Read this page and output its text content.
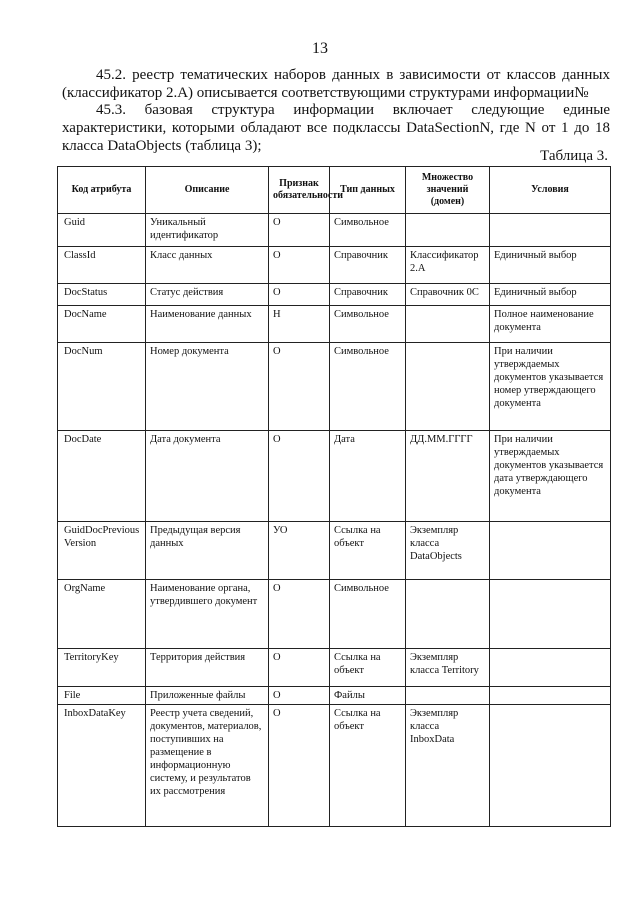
13
45.2. реестр тематических наборов данных в зависимости от классов данных (классификатор 2.А) описывается соответствующими структурами информации№
45.3. базовая структура информации включает следующие единые характеристики, которыми обладают все подклассы DataSectionN, где N от 1 до 18 класса DataObjects (таблица 3);
Таблица 3.
Код атрибута	Описание	Признак обязательности	Тип данных	Множество значений (домен)	Условия
Guid	Уникальный идентификатор	О	Символьное		
ClassId	Класс данных	О	Справочник	Классификатор 2.А	Единичный выбор
DocStatus	Статус действия	О	Справочник	Справочник 0С	Единичный выбор
DocName	Наименование данных	Н	Символьное		Полное наименование документа
DocNum	Номер документа	О	Символьное		При наличии утверждаемых документов указывается номер утверждающего документа
DocDate	Дата документа	О	Дата	ДД.ММ.ГГГГ	При наличии утверждаемых документов указывается дата утверждающего документа
GuidDocPrevious Version	Предыдущая версия данных	УО	Ссылка на объект	Экземпляр класса DataObjects	
OrgName	Наименование органа, утвердившего документ	О	Символьное		
TerritoryKey	Территория действия	О	Ссылка на объект	Экземпляр класса Territory	
File	Приложенные файлы	О	Файлы		
InboxDataKey	Реестр учета сведений, документов, материалов, поступивших на размещение в информационную систему, и результатов их рассмотрения	О	Ссылка на объект	Экземпляр класса InboxData	
